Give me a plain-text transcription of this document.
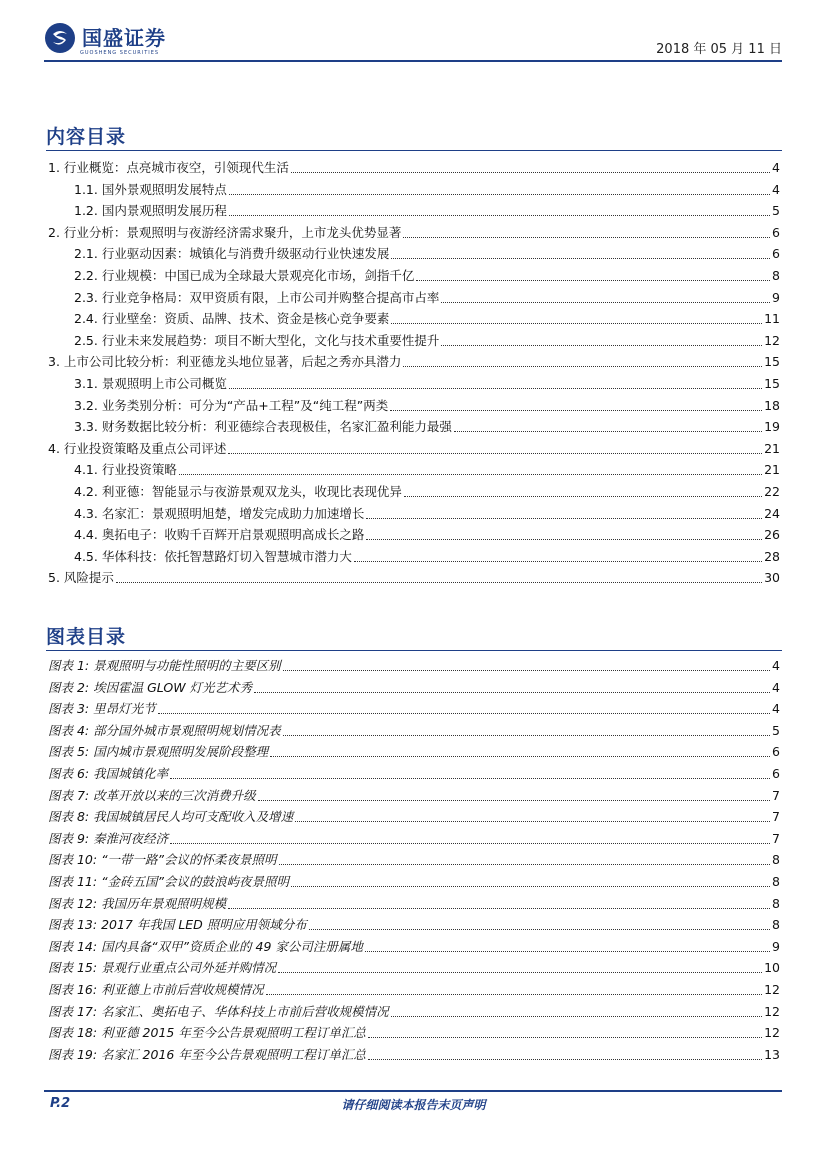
国盛证券
GUOSHENG SECURITIES	2018 年 05 月 11 日
内容目录
1. 行业概览：点亮城市夜空，引领现代生活	4
1.1. 国外景观照明发展特点	4
1.2. 国内景观照明发展历程	5
2. 行业分析：景观照明与夜游经济需求聚升，上市龙头优势显著	6
2.1. 行业驱动因素：城镇化与消费升级驱动行业快速发展	6
2.2. 行业规模：中国已成为全球最大景观亮化市场，剑指千亿	8
2.3. 行业竞争格局：双甲资质有限，上市公司并购整合提高市占率	9
2.4. 行业壁垒：资质、品牌、技术、资金是核心竞争要素	11
2.5. 行业未来发展趋势：项目不断大型化，文化与技术重要性提升	12
3. 上市公司比较分析：利亚德龙头地位显著，后起之秀亦具潜力	15
3.1. 景观照明上市公司概览	15
3.2. 业务类别分析：可分为“产品+工程”及“纯工程”两类	18
3.3. 财务数据比较分析：利亚德综合表现极佳，名家汇盈利能力最强	19
4. 行业投资策略及重点公司评述	21
4.1. 行业投资策略	21
4.2. 利亚德：智能显示与夜游景观双龙头，收现比表现优异	22
4.3. 名家汇：景观照明旭楚，增发完成助力加速增长	24
4.4. 奥拓电子：收购千百辉开启景观照明高成长之路	26
4.5. 华体科技：依托智慧路灯切入智慧城市潜力大	28
5. 风险提示	30
图表目录
图表 1: 景观照明与功能性照明的主要区别	4
图表 2: 埃因霍温 GLOW 灯光艺术秀	4
图表 3: 里昂灯光节	4
图表 4: 部分国外城市景观照明规划情况表	5
图表 5: 国内城市景观照明发展阶段整理	6
图表 6: 我国城镇化率	6
图表 7: 改革开放以来的三次消费升级	7
图表 8: 我国城镇居民人均可支配收入及增速	7
图表 9: 秦淮河夜经济	7
图表 10: “一带一路”会议的怀柔夜景照明	8
图表 11: “金砖五国”会议的鼓浪屿夜景照明	8
图表 12: 我国历年景观照明规模	8
图表 13: 2017 年我国 LED 照明应用领域分布	8
图表 14: 国内具备“双甲”资质企业的 49 家公司注册属地	9
图表 15: 景观行业重点公司外延并购情况	10
图表 16: 利亚德上市前后营收规模情况	12
图表 17: 名家汇、奥拓电子、华体科技上市前后营收规模情况	12
图表 18: 利亚德 2015 年至今公告景观照明工程订单汇总	12
图表 19: 名家汇 2016 年至今公告景观照明工程订单汇总	13
P.2	请仔细阅读本报告末页声明
